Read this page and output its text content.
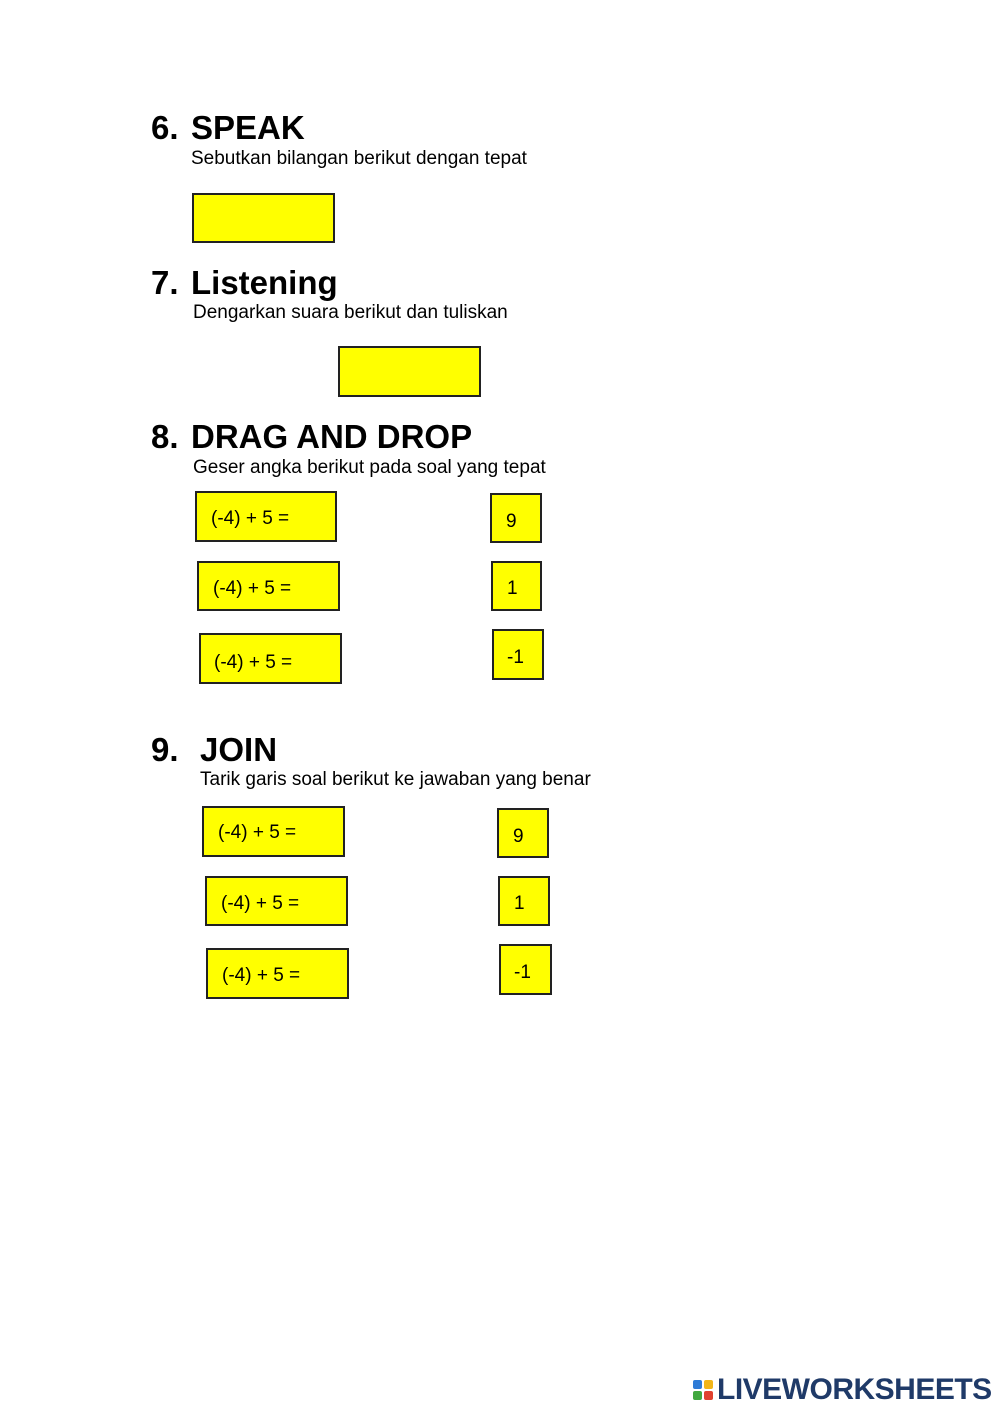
6. SPEAK
Sebutkan bilangan berikut dengan tepat
7. Listening
Dengarkan suara berikut dan tuliskan
8. DRAG AND DROP
Geser angka berikut pada soal yang tepat
(-4) + 5 =
(-4) + 5 =
(-4) + 5 =
9
1
-1
9. JOIN
Tarik garis soal berikut ke jawaban yang benar
(-4) + 5 =
(-4) + 5 =
(-4) + 5 =
9
1
-1
LIVEWORKSHEETS
